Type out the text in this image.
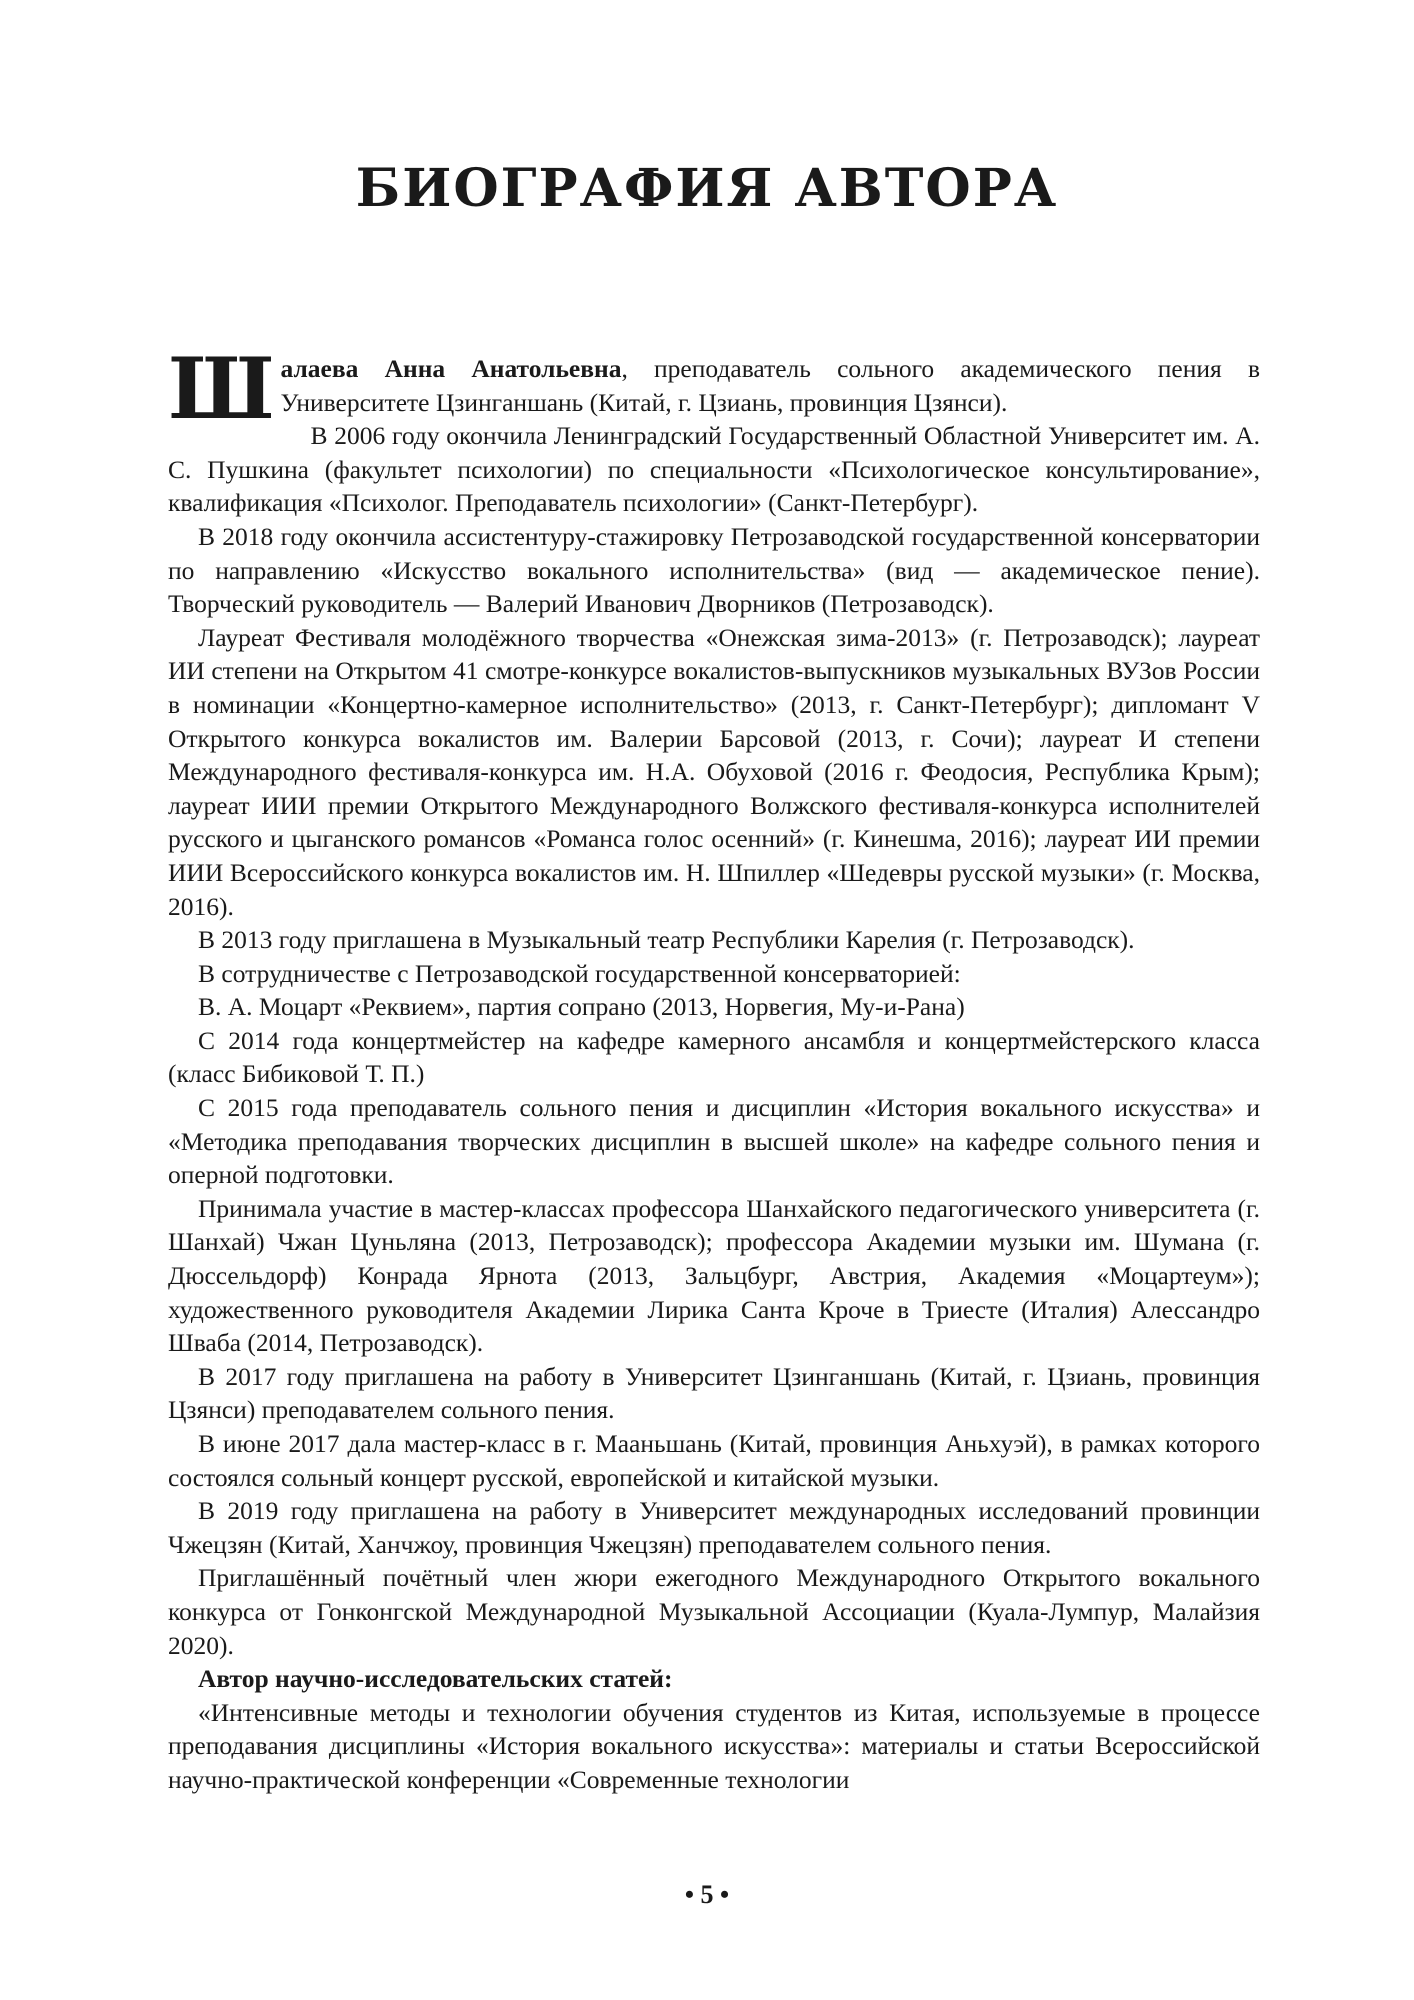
БИОГРАФИЯ АВТОРА

Шалаева Анна Анатольевна, преподаватель сольного академического пения в Университете Цзинганшань (Китай, г. Цзиань, провинция Цзянси).

В 2006 году окончила Ленинградский Государственный Областной Университет им. А. С. Пушкина (факультет психологии) по специальности «Психологическое консультирование», квалификация «Психолог. Преподаватель психологии» (Санкт-Петербург).

В 2018 году окончила ассистентуру-стажировку Петрозаводской государственной консерватории по направлению «Искусство вокального исполнительства» (вид — академическое пение). Творческий руководитель — Валерий Иванович Дворников (Петрозаводск).

Лауреат Фестиваля молодёжного творчества «Онежская зима-2013» (г. Петрозаводск); лауреат ИИ степени на Открытом 41 смотре-конкурсе вокалистов-выпускников музыкальных ВУЗов России в номинации «Концертно-камерное исполнительство» (2013, г. Санкт-Петербург); дипломант V Открытого конкурса вокалистов им. Валерии Барсовой (2013, г. Сочи); лауреат И степени Международного фестиваля-конкурса им. Н.А. Обуховой (2016 г. Феодосия, Республика Крым); лауреат ИИИ премии Открытого Международного Волжского фестиваля-конкурса исполнителей русского и цыганского романсов «Романса голос осенний» (г. Кинешма, 2016); лауреат ИИ премии ИИИ Всероссийского конкурса вокалистов им. Н. Шпиллер «Шедевры русской музыки» (г. Москва, 2016).

В 2013 году приглашена в Музыкальный театр Республики Карелия (г. Петрозаводск).

В сотрудничестве с Петрозаводской государственной консерваторией:

В. А. Моцарт «Реквием», партия сопрано (2013, Норвегия, Му-и-Рана)

С 2014 года концертмейстер на кафедре камерного ансамбля и концертмейстерского класса (класс Бибиковой Т. П.)

С 2015 года преподаватель сольного пения и дисциплин «История вокального искусства» и «Методика преподавания творческих дисциплин в высшей школе» на кафедре сольного пения и оперной подготовки.

Принимала участие в мастер-классах профессора Шанхайского педагогического университета (г. Шанхай) Чжан Цуньляна (2013, Петрозаводск); профессора Академии музыки им. Шумана (г. Дюссельдорф) Конрада Ярнота (2013, Зальцбург, Австрия, Академия «Моцартеум»); художественного руководителя Академии Лирика Санта Кроче в Триесте (Италия) Алессандро Шваба (2014, Петрозаводск).

В 2017 году приглашена на работу в Университет Цзинганшань (Китай, г. Цзиань, провинция Цзянси) преподавателем сольного пения.

В июне 2017 дала мастер-класс в г. Мааньшань (Китай, провинция Аньхуэй), в рамках которого состоялся сольный концерт русской, европейской и китайской музыки.

В 2019 году приглашена на работу в Университет международных исследований провинции Чжецзян (Китай, Ханчжоу, провинция Чжецзян) преподавателем сольного пения.

Приглашённый почётный член жюри ежегодного Международного Открытого вокального конкурса от Гонконгской Международной Музыкальной Ассоциации (Куала-Лумпур, Малайзия 2020).

Автор научно-исследовательских статей:

«Интенсивные методы и технологии обучения студентов из Китая, используемые в процессе преподавания дисциплины «История вокального искусства»: материалы и статьи Всероссийской научно-практической конференции «Современные технологии

• 5 •
